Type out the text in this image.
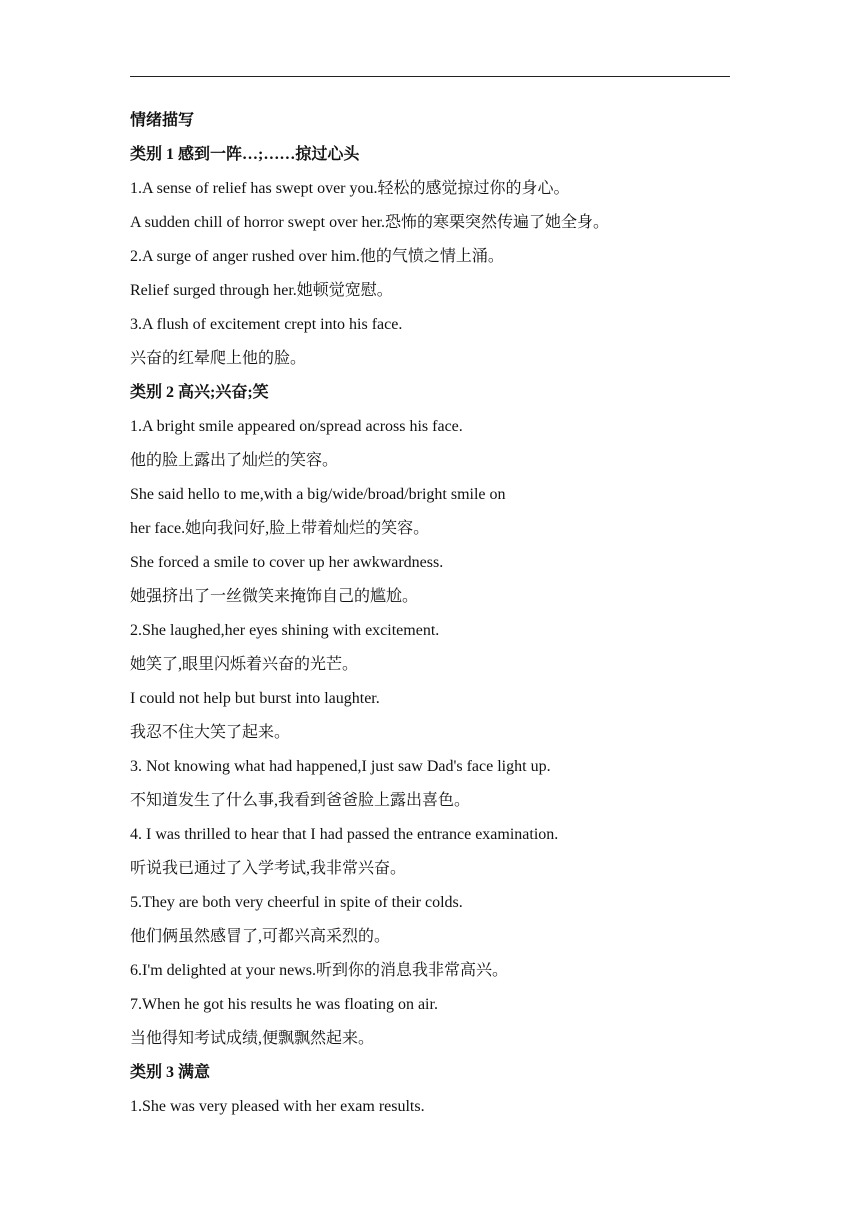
情绪描写
类别 1 感到一阵…;……掠过心头
1.A sense of relief has swept over you.轻松的感觉掠过你的身心。
A sudden chill of horror swept over her.恐怖的寒栗突然传遍了她全身。
2.A surge of anger rushed over him.他的气愤之情上涌。
Relief surged through her.她顿觉宽慰。
3.A flush of excitement crept into his face.
兴奋的红晕爬上他的脸。
类别 2 高兴;兴奋;笑
1.A bright smile appeared on/spread across his face.
他的脸上露出了灿烂的笑容。
She said hello to me,with a big/wide/broad/bright smile on
her face.她向我问好,脸上带着灿烂的笑容。
She forced a smile to cover up her awkwardness.
她强挤出了一丝微笑来掩饰自己的尴尬。
2.She laughed,her eyes shining with excitement.
她笑了,眼里闪烁着兴奋的光芒。
I could not help but burst into laughter.
我忍不住大笑了起来。
3. Not knowing what had happened,I just saw Dad's face light up.
不知道发生了什么事,我看到爸爸脸上露出喜色。
4. I was thrilled to hear that I had passed the entrance examination.
听说我已通过了入学考试,我非常兴奋。
5.They are both very cheerful in spite of their colds.
他们俩虽然感冒了,可都兴高采烈的。
6.I'm delighted at your news.听到你的消息我非常高兴。
7.When he got his results he was floating on air.
当他得知考试成绩,便飘飘然起来。
类别 3 满意
1.She was very pleased with her exam results.
